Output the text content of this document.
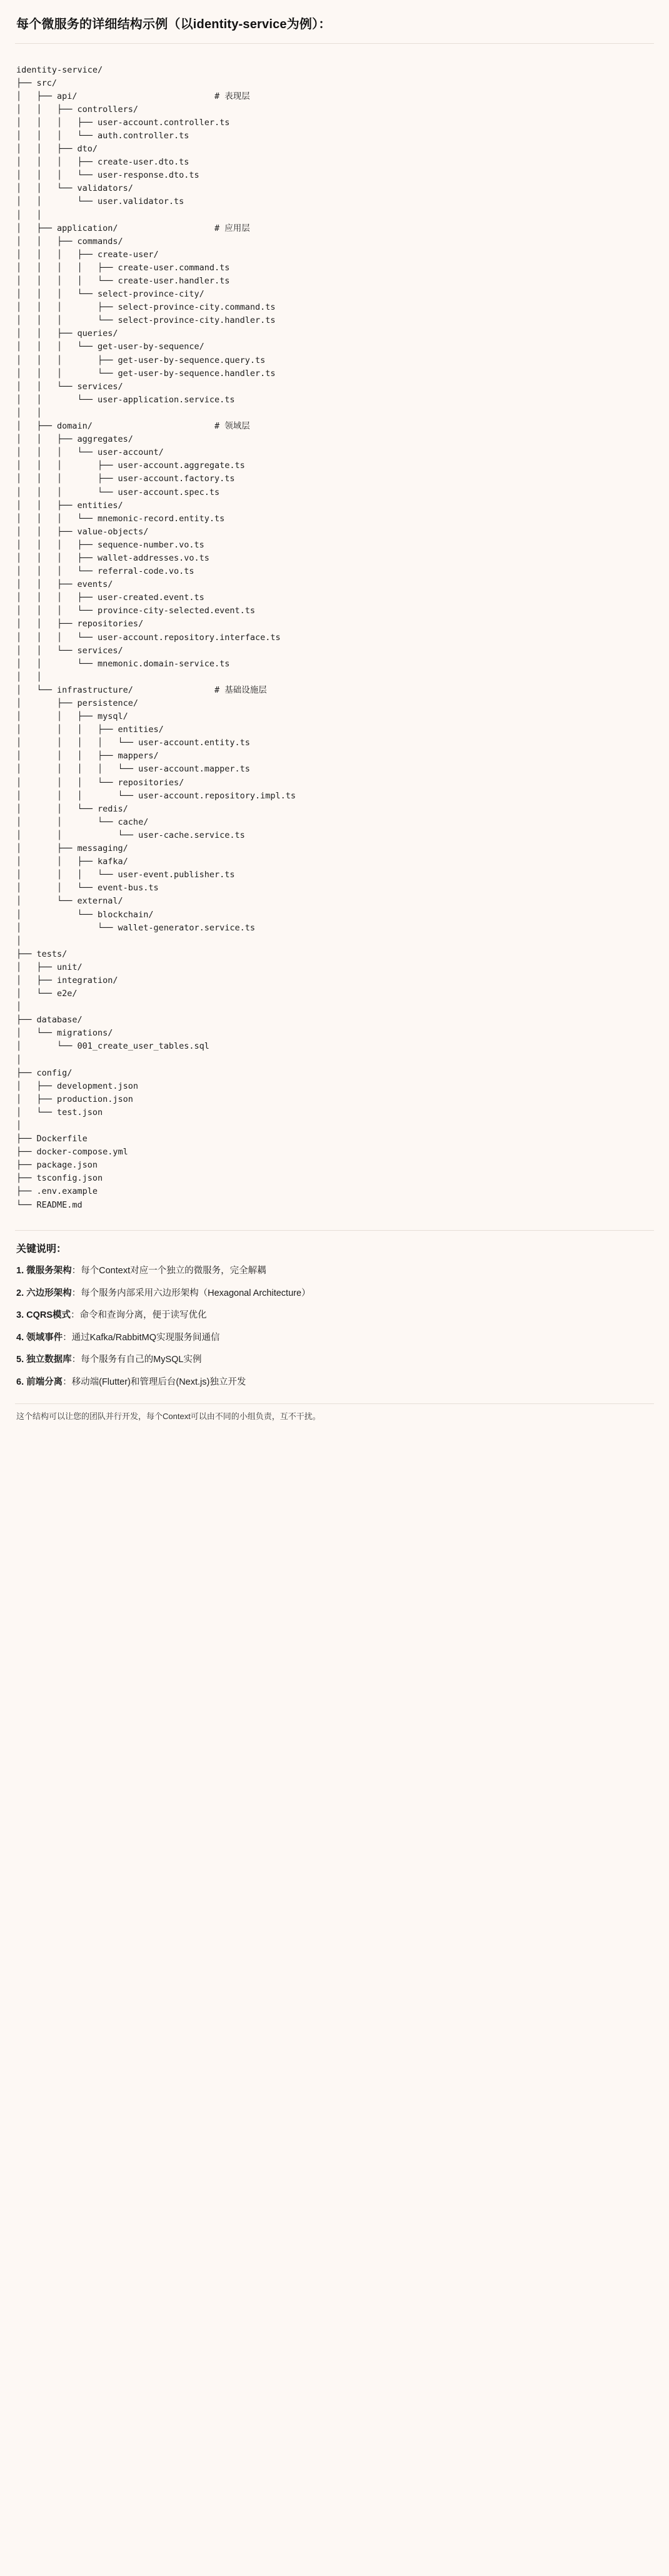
每个微服务的详细结构示例（以identity-service为例）：
identity-service/
├── src/
│   ├── api/                           # 表现层
│   │   ├── controllers/
│   │   │   ├── user-account.controller.ts
│   │   │   └── auth.controller.ts
│   │   ├── dto/
│   │   │   ├── create-user.dto.ts
│   │   │   └── user-response.dto.ts
│   │   └── validators/
│   │       └── user.validator.ts
│   │
│   ├── application/                   # 应用层
│   │   ├── commands/
│   │   │   ├── create-user/
│   │   │   │   ├── create-user.command.ts
│   │   │   │   └── create-user.handler.ts
│   │   │   └── select-province-city/
│   │   │       ├── select-province-city.command.ts
│   │   │       └── select-province-city.handler.ts
│   │   ├── queries/
│   │   │   └── get-user-by-sequence/
│   │   │       ├── get-user-by-sequence.query.ts
│   │   │       └── get-user-by-sequence.handler.ts
│   │   └── services/
│   │       └── user-application.service.ts
│   │
│   ├── domain/                        # 领域层
│   │   ├── aggregates/
│   │   │   └── user-account/
│   │   │       ├── user-account.aggregate.ts
│   │   │       ├── user-account.factory.ts
│   │   │       └── user-account.spec.ts
│   │   ├── entities/
│   │   │   └── mnemonic-record.entity.ts
│   │   ├── value-objects/
│   │   │   ├── sequence-number.vo.ts
│   │   │   ├── wallet-addresses.vo.ts
│   │   │   └── referral-code.vo.ts
│   │   ├── events/
│   │   │   ├── user-created.event.ts
│   │   │   └── province-city-selected.event.ts
│   │   ├── repositories/
│   │   │   └── user-account.repository.interface.ts
│   │   └── services/
│   │       └── mnemonic.domain-service.ts
│   │
│   └── infrastructure/                # 基础设施层
│       ├── persistence/
│       │   ├── mysql/
│       │   │   ├── entities/
│       │   │   │   └── user-account.entity.ts
│       │   │   ├── mappers/
│       │   │   │   └── user-account.mapper.ts
│       │   │   └── repositories/
│       │   │       └── user-account.repository.impl.ts
│       │   └── redis/
│       │       └── cache/
│       │           └── user-cache.service.ts
│       ├── messaging/
│       │   ├── kafka/
│       │   │   └── user-event.publisher.ts
│       │   └── event-bus.ts
│       └── external/
│           └── blockchain/
│               └── wallet-generator.service.ts
│
├── tests/
│   ├── unit/
│   ├── integration/
│   └── e2e/
│
├── database/
│   └── migrations/
│       └── 001_create_user_tables.sql
│
├── config/
│   ├── development.json
│   ├── production.json
│   └── test.json
│
├── Dockerfile
├── docker-compose.yml
├── package.json
├── tsconfig.json
├── .env.example
└── README.md
关键说明：
1. 微服务架构：每个Context对应一个独立的微服务，完全解耦
2. 六边形架构：每个服务内部采用六边形架构（Hexagonal Architecture）
3. CQRS模式：命令和查询分离，便于读写优化
4. 领域事件：通过Kafka/RabbitMQ实现服务间通信
5. 独立数据库：每个服务有自己的MySQL实例
6. 前端分离：移动端(Flutter)和管理后台(Next.js)独立开发
这个结构可以让您的团队并行开发，每个Context可以由不同的小组负责，互不干扰。
